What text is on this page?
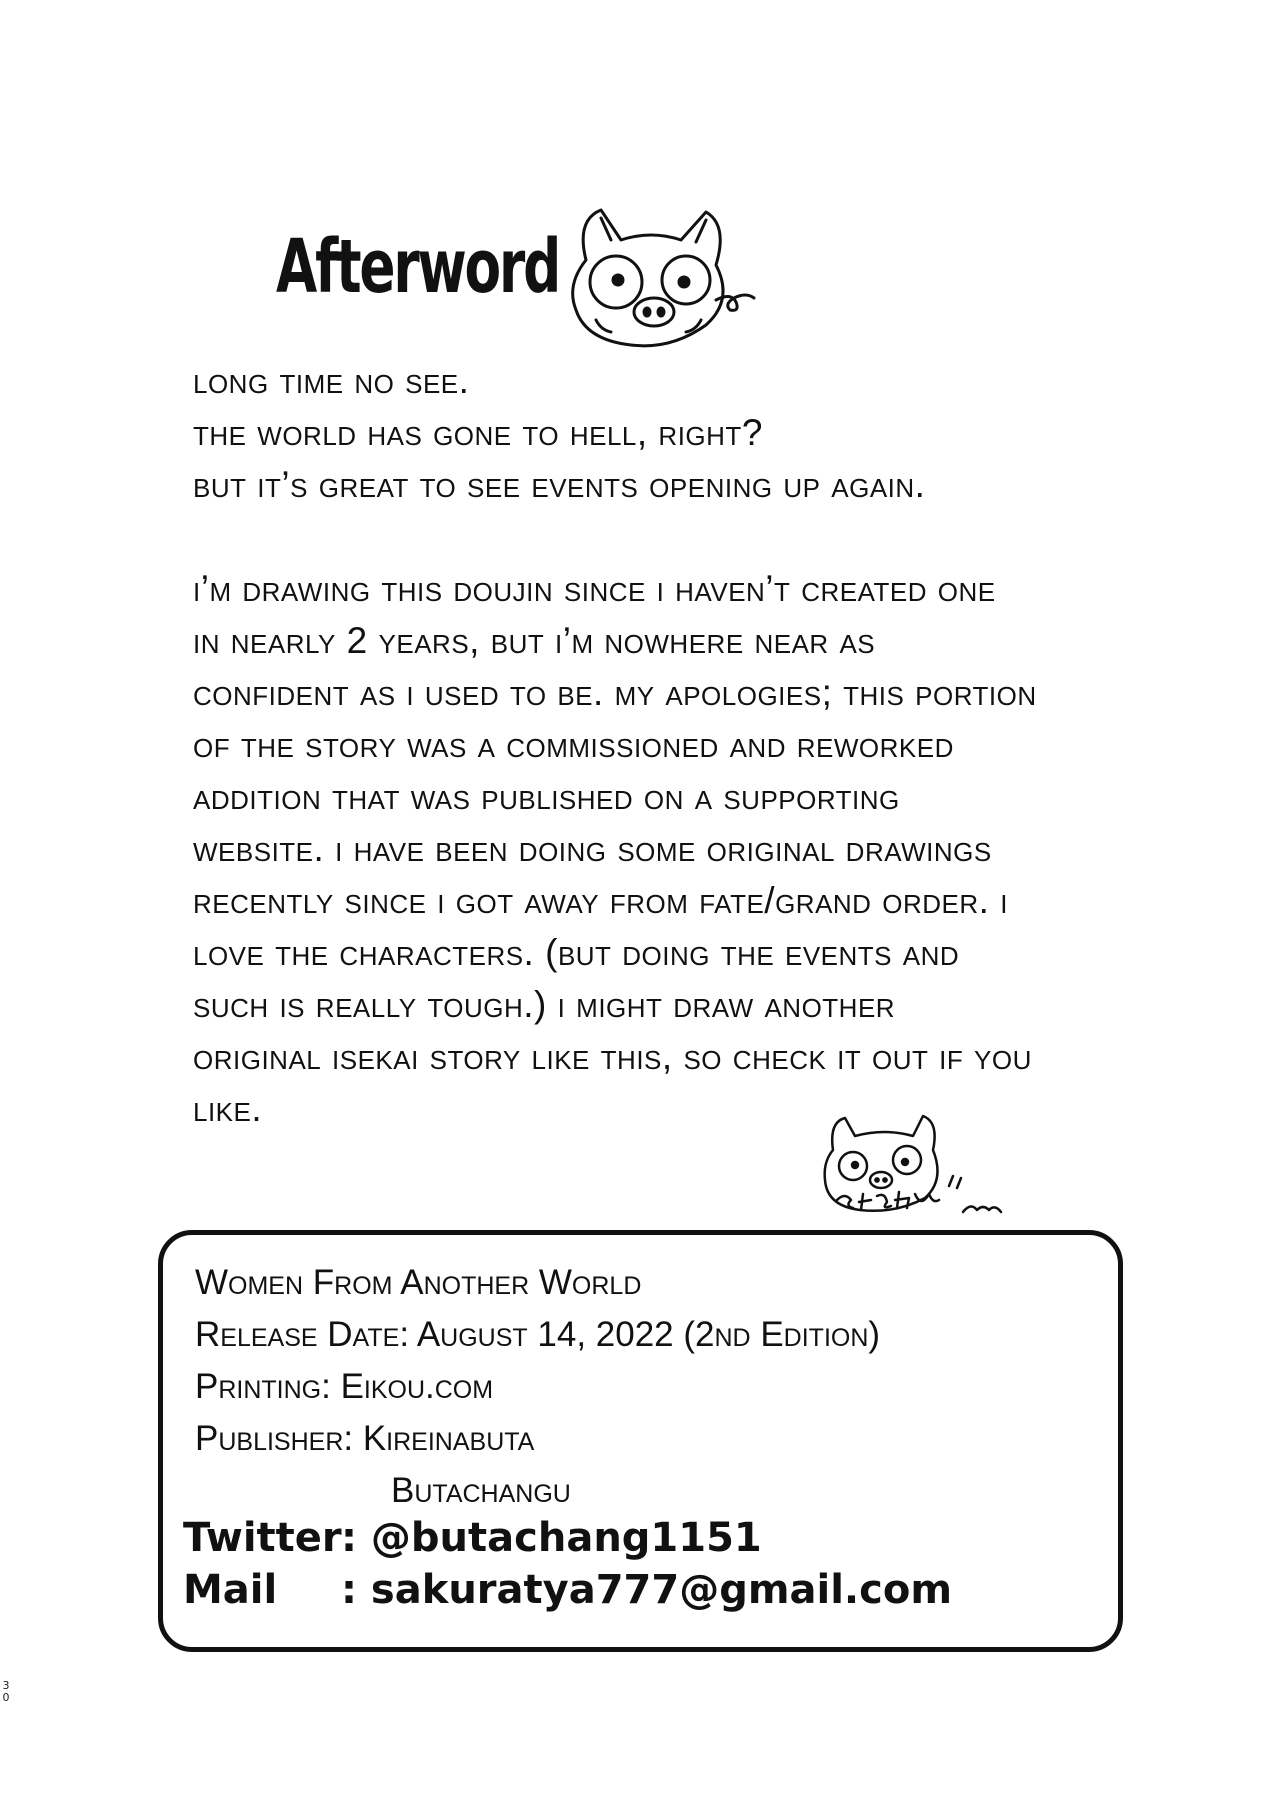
Afterword
long time no see.
the world has gone to hell, right?
but it’s great to see events opening up again.
i’m drawing this doujin since i haven’t created one
in nearly 2 years, but i’m nowhere near as
confident as i used to be. my apologies; this portion
of the story was a commissioned and reworked
addition that was published on a supporting
website. i have been doing some original drawings
recently since i got away from fate/grand order. i
love the characters. (but doing the events and
such is really tough.) i might draw another
original isekai story like this, so check it out if you
like.
Women From Another World
Release Date: August 14, 2022 (2nd Edition)
Printing: Eikou.com
Publisher: Kireinabuta
Butachangu
Twitter: @butachang1151
Mail : sakuratya777@gmail.com
3
0
